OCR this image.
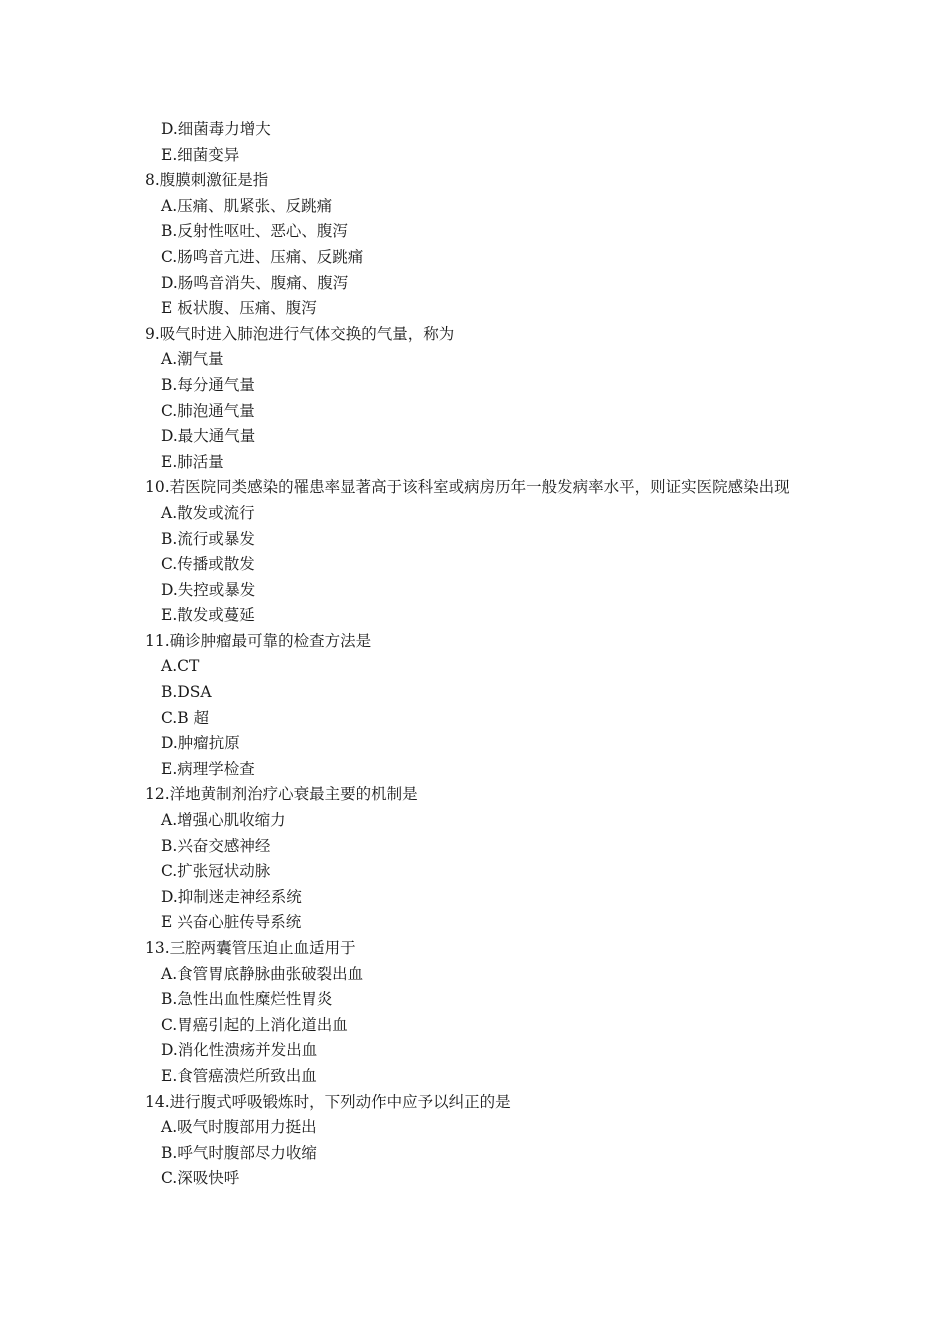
D.细菌毒力增大
E.细菌变异
8.腹膜刺激征是指
A.压痛、肌紧张、反跳痛
B.反射性呕吐、恶心、腹泻
C.肠鸣音亢进、压痛、反跳痛
D.肠鸣音消失、腹痛、腹泻
E 板状腹、压痛、腹泻
9.吸气时进入肺泡进行气体交换的气量，称为
A.潮气量
B.每分通气量
C.肺泡通气量
D.最大通气量
E.肺活量
10.若医院同类感染的罹患率显著高于该科室或病房历年一般发病率水平，则证实医院感染出现
A.散发或流行
B.流行或暴发
C.传播或散发
D.失控或暴发
E.散发或蔓延
11.确诊肿瘤最可靠的检查方法是
A.CT
B.DSA
C.B 超
D.肿瘤抗原
E.病理学检查
12.洋地黄制剂治疗心衰最主要的机制是
A.增强心肌收缩力
B.兴奋交感神经
C.扩张冠状动脉
D.抑制迷走神经系统
E 兴奋心脏传导系统
13.三腔两囊管压迫止血适用于
A.食管胃底静脉曲张破裂出血
B.急性出血性糜烂性胃炎
C.胃癌引起的上消化道出血
D.消化性溃疡并发出血
E.食管癌溃烂所致出血
14.进行腹式呼吸锻炼时，下列动作中应予以纠正的是
A.吸气时腹部用力挺出
B.呼气时腹部尽力收缩
C.深吸快呼
